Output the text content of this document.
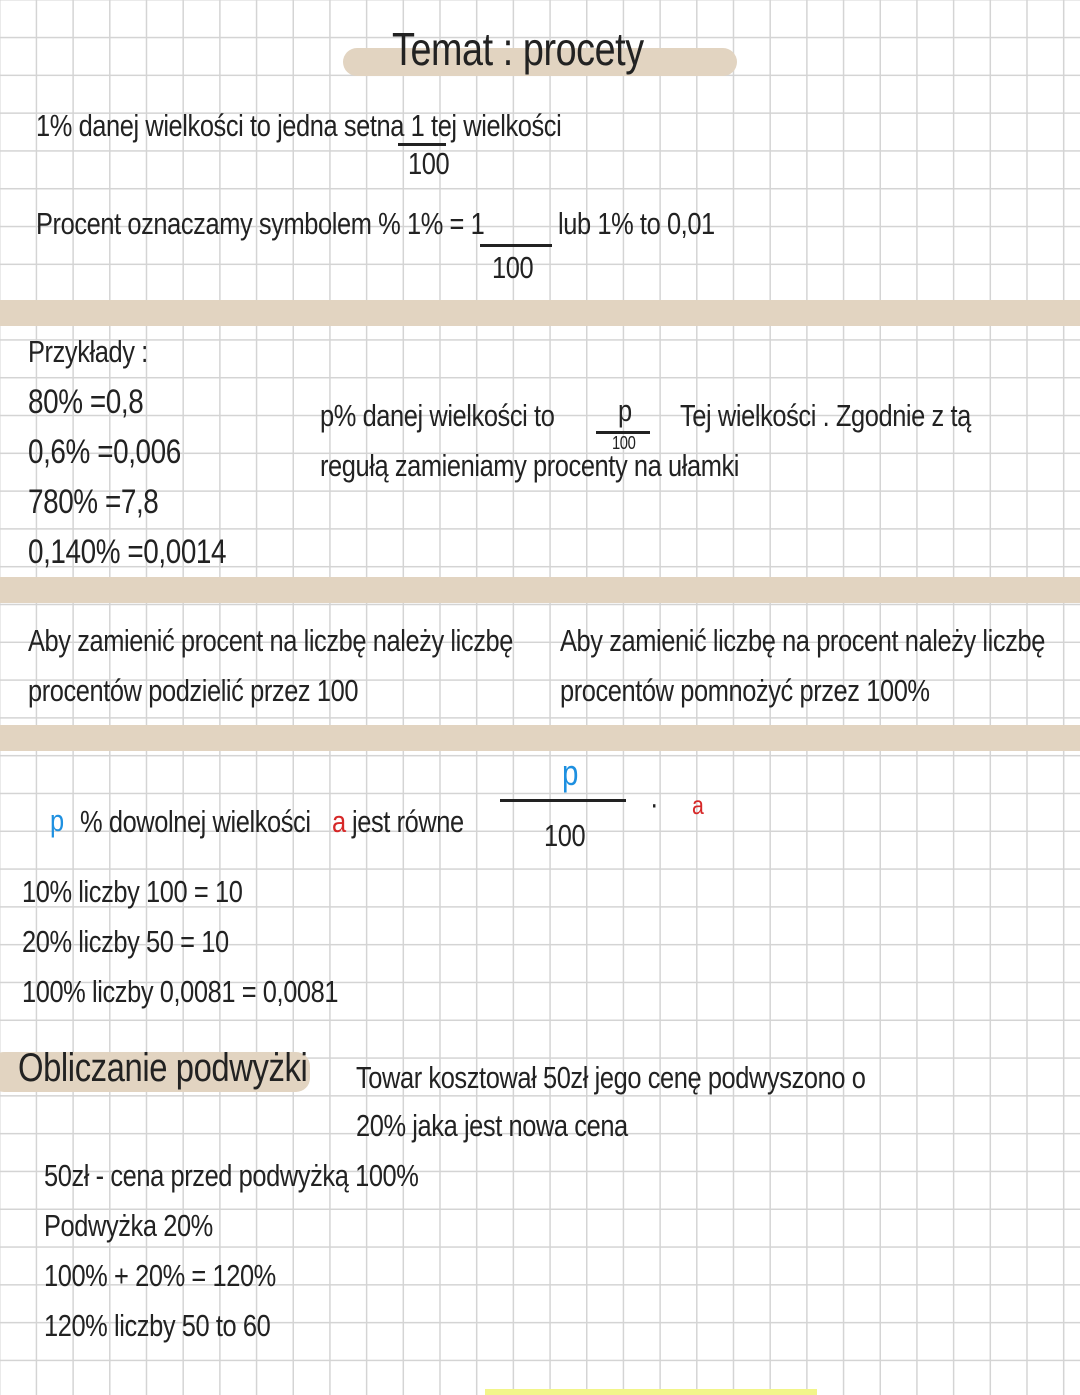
Temat : procety
1% danej wielkości to jedna setna 1 tej wielkości
100
Procent oznaczamy symbolem % 1% = 1
100
lub 1% to 0,01
Przykłady :
80% =0,8
0,6% =0,006
780% =7,8
0,140% =0,0014
p% danej wielkości to p
100
Tej wielkości . Zgodnie z tą
regułą zamieniamy procenty na ułamki
Aby zamienić procent na liczbę należy liczbę
procentów podzielić przez 100
Aby zamienić liczbę na procent należy liczbę
procentów pomnożyć przez 100%
p % dowolnej wielkości a jest równe
p
100
· a
10% liczby 100 = 10
20% liczby 50 = 10
100% liczby 0,0081 = 0,0081
Obliczanie podwyżki Towar kosztował 50zł jego cenę podwyszono o
20% jaka jest nowa cena
50zł - cena przed podwyżką 100%
Podwyżka 20%
100% + 20% = 120%
120% liczby 50 to 60
